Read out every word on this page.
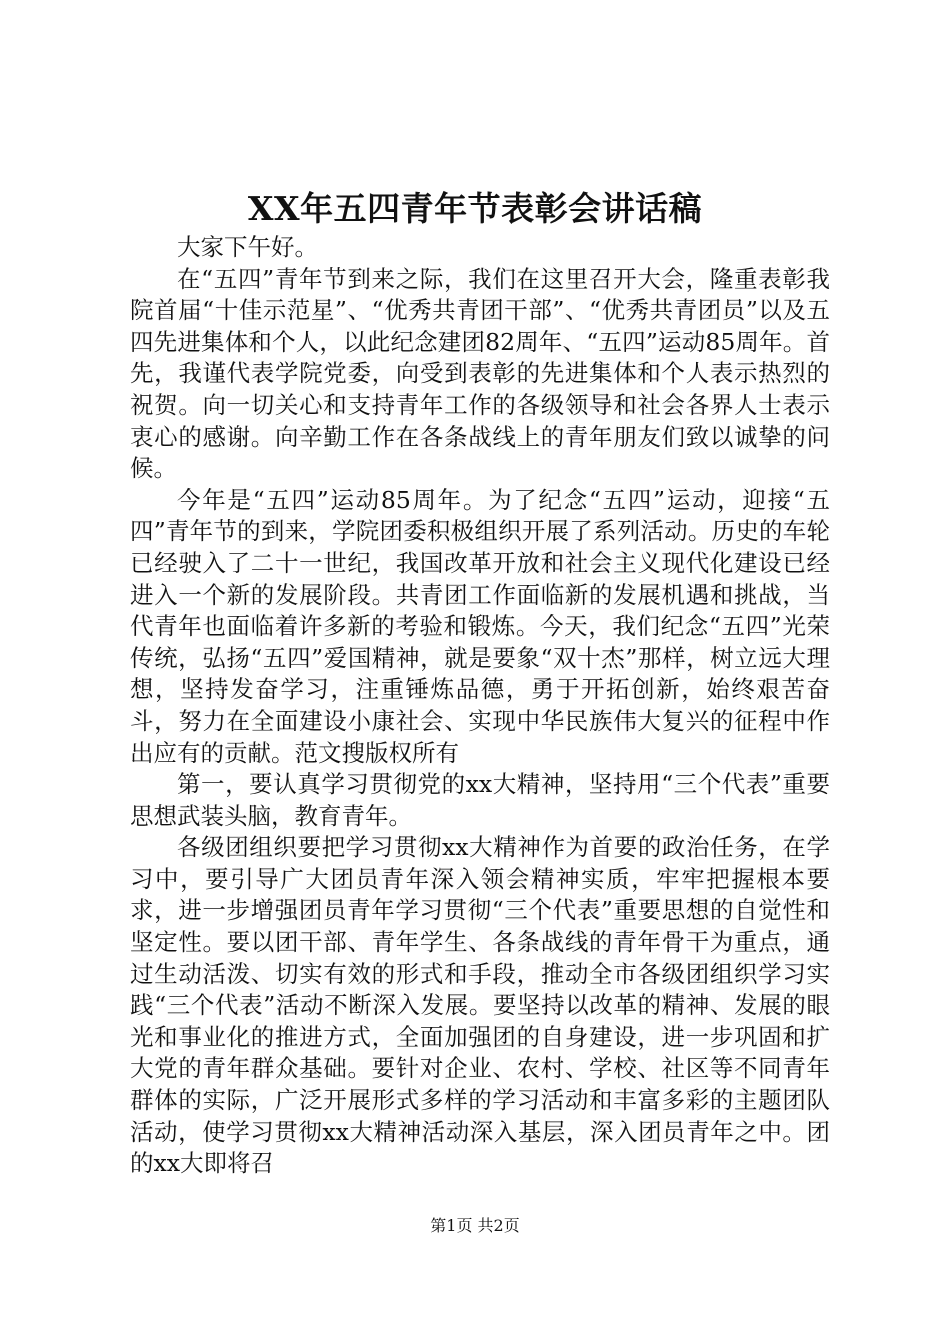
XX年五四青年节表彰会讲话稿

大家下午好。

在“五四”青年节到来之际，我们在这里召开大会，隆重表彰我院首届“十佳示范星”、“优秀共青团干部”、“优秀共青团员”以及五四先进集体和个人，以此纪念建团82周年、“五四”运动85周年。首先，我谨代表学院党委，向受到表彰的先进集体和个人表示热烈的祝贺。向一切关心和支持青年工作的各级领导和社会各界人士表示衷心的感谢。向辛勤工作在各条战线上的青年朋友们致以诚挚的问候。

今年是“五四”运动85周年。为了纪念“五四”运动，迎接“五四”青年节的到来，学院团委积极组织开展了系列活动。历史的车轮已经驶入了二十一世纪，我国改革开放和社会主义现代化建设已经进入一个新的发展阶段。共青团工作面临新的发展机遇和挑战，当代青年也面临着许多新的考验和锻炼。今天，我们纪念“五四”光荣传统，弘扬“五四”爱国精神，就是要象“双十杰”那样，树立远大理想，坚持发奋学习，注重锤炼品德，勇于开拓创新，始终艰苦奋斗，努力在全面建设小康社会、实现中华民族伟大复兴的征程中作出应有的贡献。范文搜版权所有

第一，要认真学习贯彻党的xx大精神，坚持用“三个代表”重要思想武装头脑，教育青年。

各级团组织要把学习贯彻xx大精神作为首要的政治任务，在学习中，要引导广大团员青年深入领会精神实质，牢牢把握根本要求，进一步增强团员青年学习贯彻“三个代表”重要思想的自觉性和坚定性。要以团干部、青年学生、各条战线的青年骨干为重点，通过生动活泼、切实有效的形式和手段，推动全市各级团组织学习实践“三个代表”活动不断深入发展。要坚持以改革的精神、发展的眼光和事业化的推进方式，全面加强团的自身建设，进一步巩固和扩大党的青年群众基础。要针对企业、农村、学校、社区等不同青年群体的实际，广泛开展形式多样的学习活动和丰富多彩的主题团队活动，使学习贯彻xx大精神活动深入基层，深入团员青年之中。团的xx大即将召

第1页 共2页
